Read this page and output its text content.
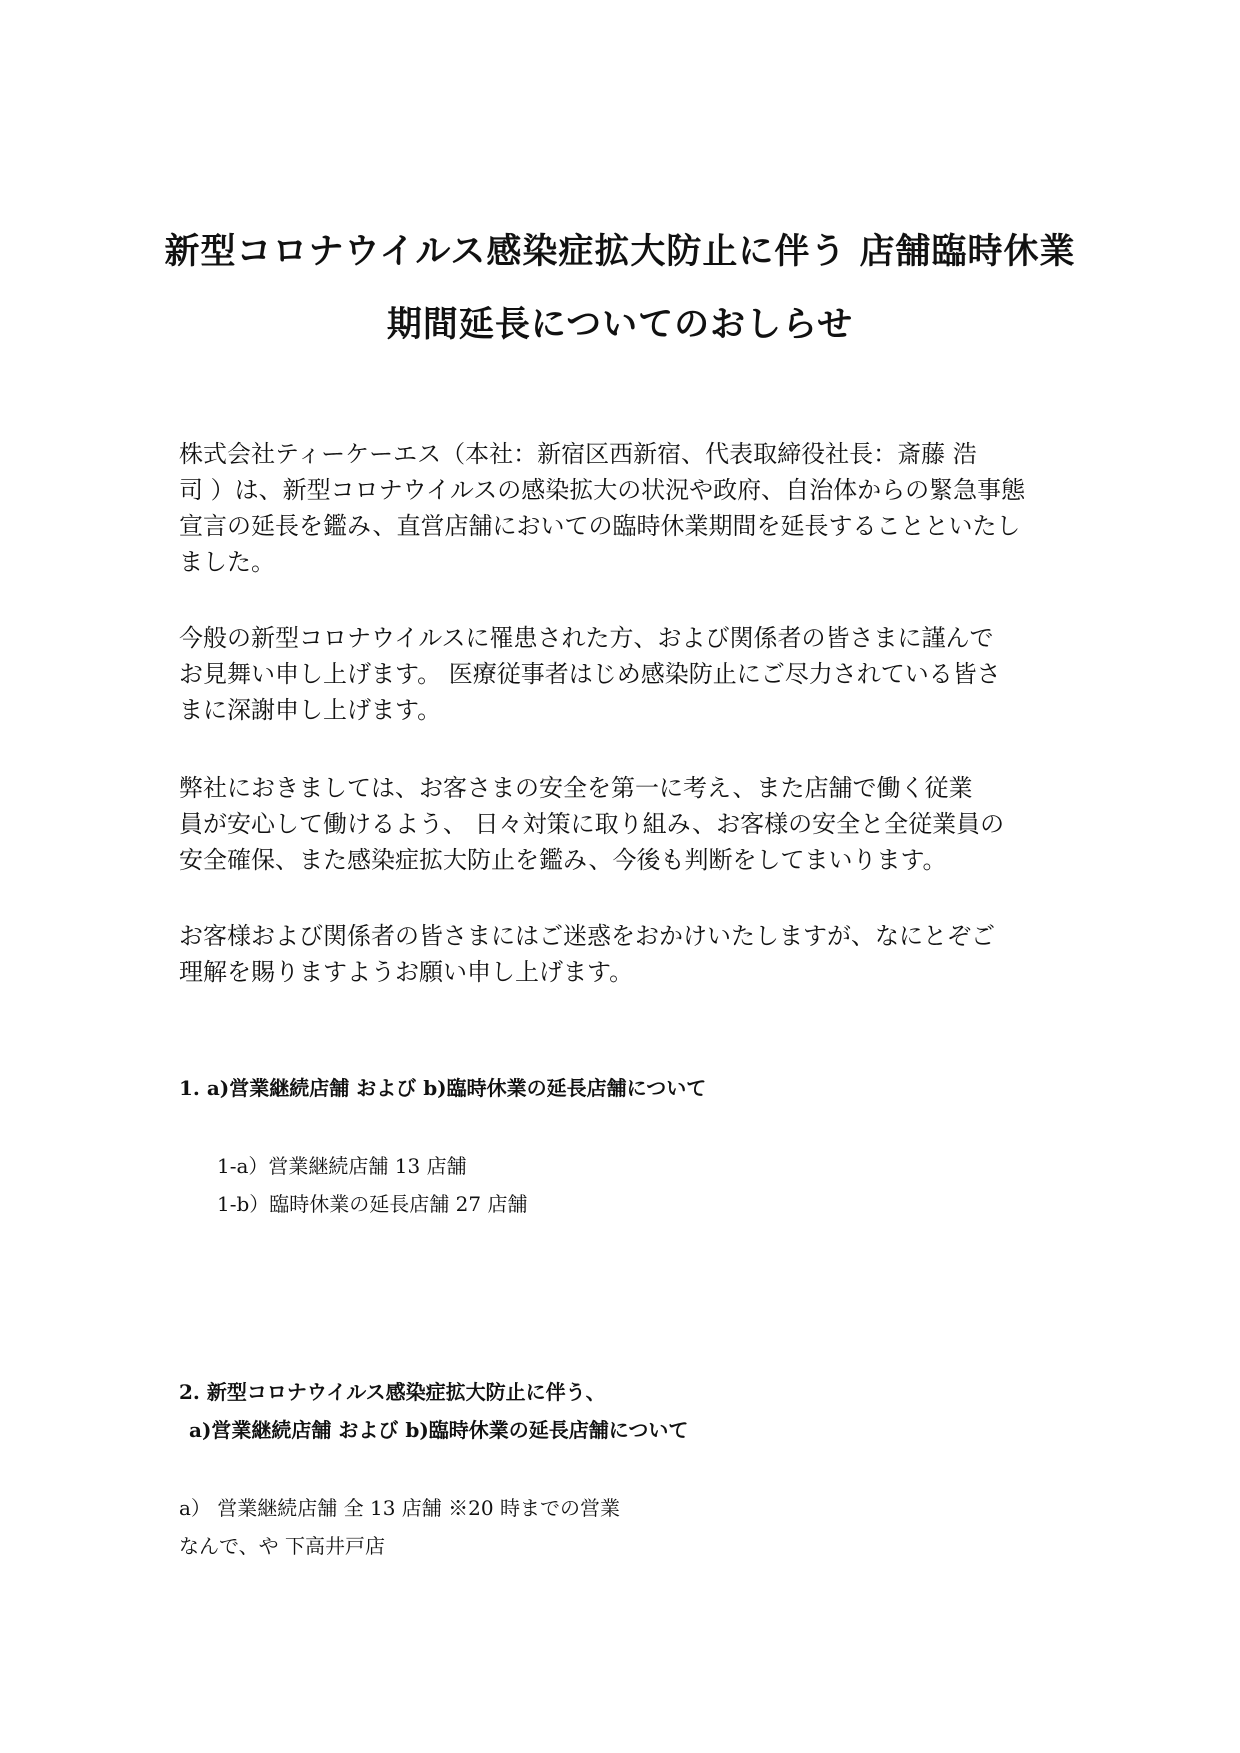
新型コロナウイルス感染症拡大防止に伴う 店舗臨時休業
期間延長についてのおしらせ
株式会社ティーケーエス（本社：新宿区西新宿、代表取締役社長：斎藤 浩
司 ）は、新型コロナウイルスの感染拡大の状況や政府、自治体からの緊急事態
宣言の延長を鑑み、直営店舗においての臨時休業期間を延長することといたし
ました。
今般の新型コロナウイルスに罹患された方、および関係者の皆さまに謹んで
お見舞い申し上げます。 医療従事者はじめ感染防止にご尽力されている皆さ
まに深謝申し上げます。
弊社におきましては、お客さまの安全を第一に考え、また店舗で働く従業
員が安心して働けるよう、 日々対策に取り組み、お客様の安全と全従業員の
安全確保、また感染症拡大防止を鑑み、今後も判断をしてまいります。
お客様および関係者の皆さまにはご迷惑をおかけいたしますが、なにとぞご
理解を賜りますようお願い申し上げます。
1. a)営業継続店舗 および b)臨時休業の延長店舗について

1-a）営業継続店舗 13 店舗

1-b）臨時休業の延長店舗 27 店舗

2. 新型コロナウイルス感染症拡大防止に伴う、
a)営業継続店舗 および b)臨時休業の延長店舗について

a） 営業継続店舗 全 13 店舗 ※20 時までの営業

なんで、や 下高井戸店
